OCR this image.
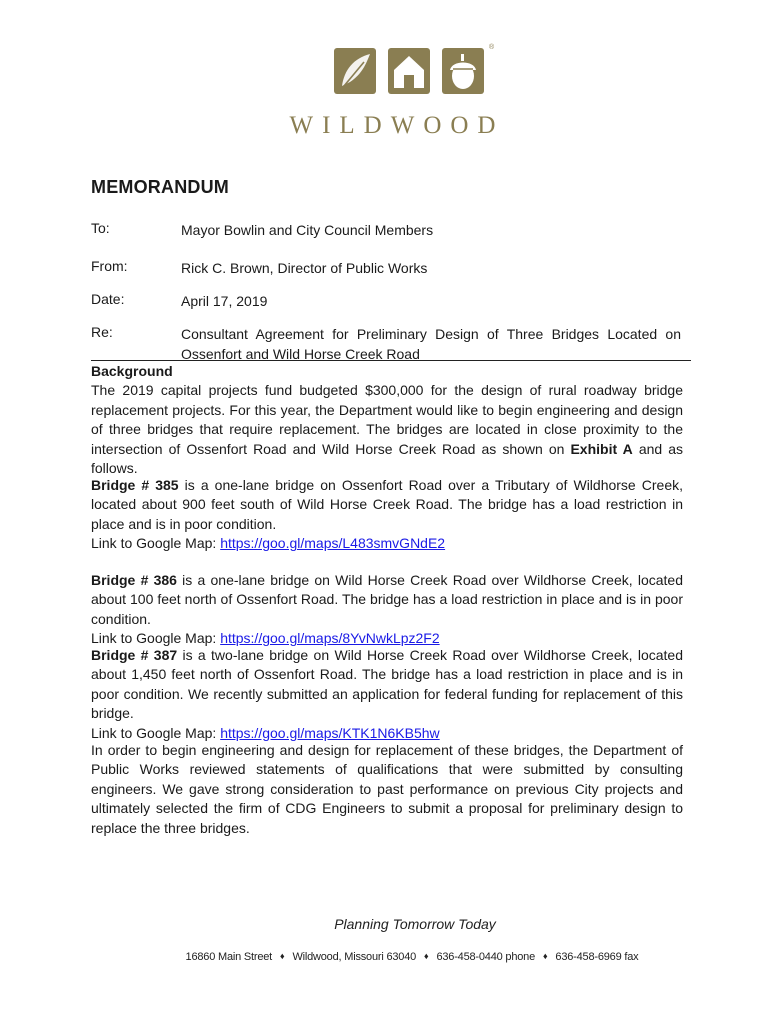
®
WILDWOOD
MEMORANDUM
To:	Mayor Bowlin and City Council Members
From:	Rick C. Brown, Director of Public Works
Date:	April 17, 2019
Re:	Consultant Agreement for Preliminary Design of Three Bridges Located on Ossenfort and Wild Horse Creek Road
Background
The 2019 capital projects fund budgeted $300,000 for the design of rural roadway bridge replacement projects. For this year, the Department would like to begin engineering and design of three bridges that require replacement. The bridges are located in close proximity to the intersection of Ossenfort Road and Wild Horse Creek Road as shown on Exhibit A and as follows.
Bridge # 385 is a one-lane bridge on Ossenfort Road over a Tributary of Wildhorse Creek, located about 900 feet south of Wild Horse Creek Road. The bridge has a load restriction in place and is in poor condition.
Link to Google Map: https://goo.gl/maps/L483smvGNdE2
Bridge # 386 is a one-lane bridge on Wild Horse Creek Road over Wildhorse Creek, located about 100 feet north of Ossenfort Road. The bridge has a load restriction in place and is in poor condition.
Link to Google Map: https://goo.gl/maps/8YvNwkLpz2F2
Bridge # 387 is a two-lane bridge on Wild Horse Creek Road over Wildhorse Creek, located about 1,450 feet north of Ossenfort Road. The bridge has a load restriction in place and is in poor condition. We recently submitted an application for federal funding for replacement of this bridge.
Link to Google Map: https://goo.gl/maps/KTK1N6KB5hw
In order to begin engineering and design for replacement of these bridges, the Department of Public Works reviewed statements of qualifications that were submitted by consulting engineers. We gave strong consideration to past performance on previous City projects and ultimately selected the firm of CDG Engineers to submit a proposal for preliminary design to replace the three bridges.
Planning Tomorrow Today
16860 Main Street ♦ Wildwood, Missouri 63040 ♦ 636-458-0440 phone ♦ 636-458-6969 fax
